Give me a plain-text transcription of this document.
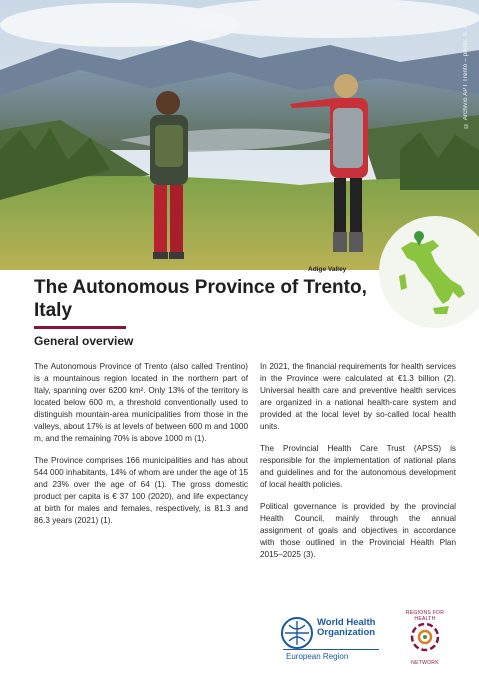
© Archivio APT Trento – photo: N. Angeli
Adige Valley
The Autonomous Province of Trento, Italy
General overview

The Autonomous Province of Trento (also called Trentino) is a mountainous region located in the northern part of Italy, spanning over 6200 km². Only 13% of the territory is located below 600 m, a threshold conventionally used to distinguish mountain-area municipalities from those in the valleys, about 17% is at levels of between 600 m and 1000 m, and the remaining 70% is above 1000 m (1).

The Province comprises 166 municipalities and has about 544 000 inhabitants, 14% of whom are under the age of 15 and 23% over the age of 64 (1). The gross domestic product per capita is € 37 100 (2020), and life expectancy at birth for males and females, respectively, is 81.3 and 86.3 years (2021) (1).

In 2021, the financial requirements for health services in the Province were calculated at €1.3 billion (2). Universal health care and preventive health services are organized in a national health-care system and provided at the local level by so-called local health units.

The Provincial Health Care Trust (APSS) is responsible for the implementation of national plans and guidelines and for the autonomous development of local health policies.

Political governance is provided by the provincial Health Council, mainly through the annual assignment of goals and objectives in accordance with those outlined in the Provincial Health Plan 2015–2025 (3).

World Health
Organization
European Region
REGIONS FOR HEALTH
NETWORK
